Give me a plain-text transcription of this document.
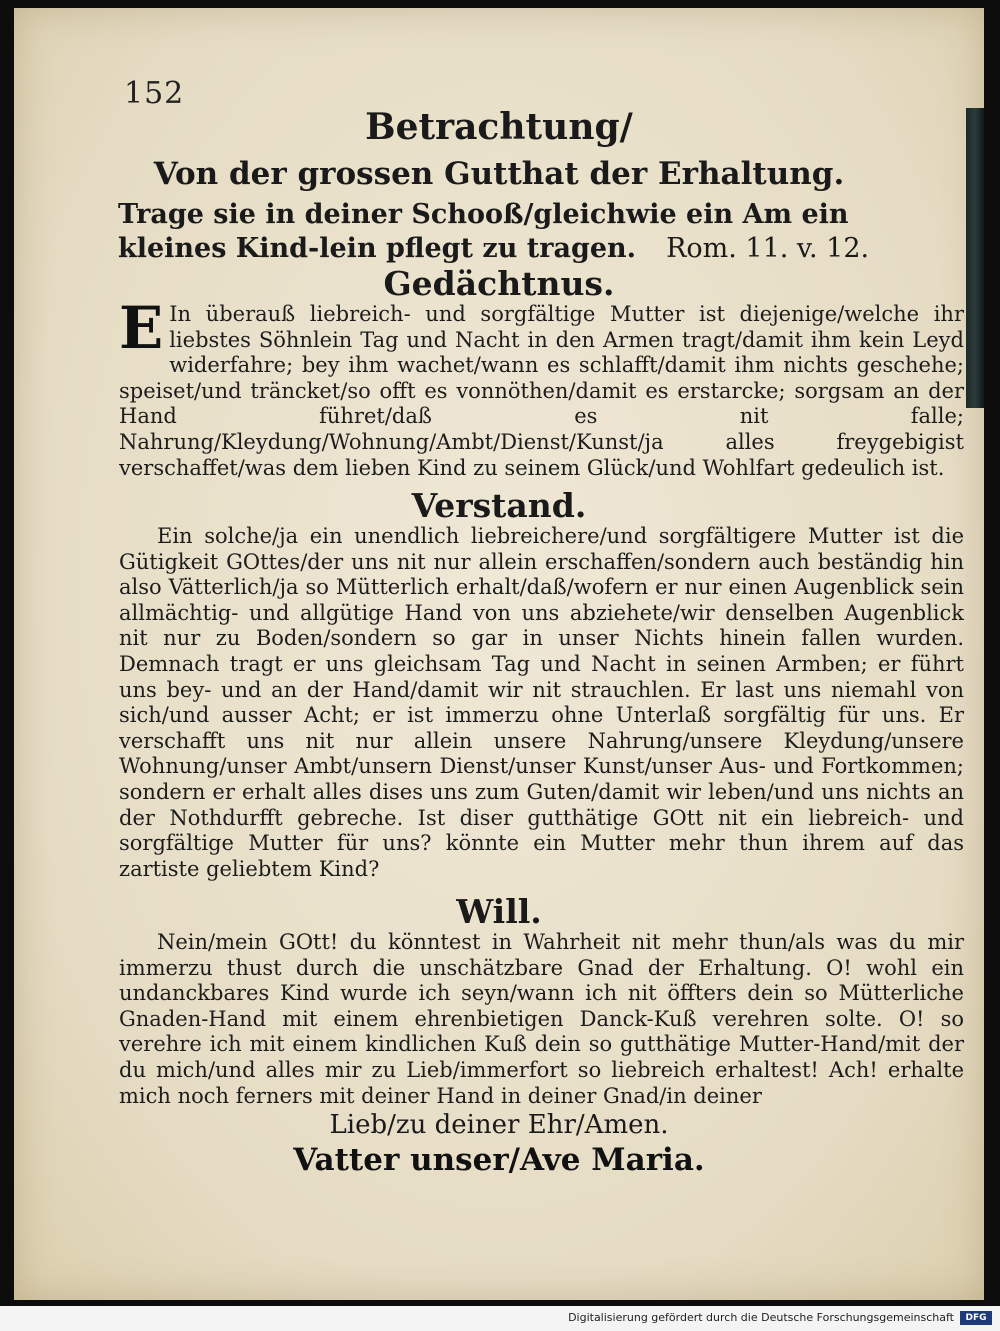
152
Betrachtung/
Von der grossen Gutthat der Erhaltung.
Trage sie in deiner Schooß/gleichwie ein Am ein kleines Kind-lein pflegt zu tragen. Rom. 11. v. 12.
Gedächtnus.
E In überauß liebreich- und sorgfältige Mutter ist diejenige/welche ihr liebstes Söhnlein Tag und Nacht in den Armen tragt/damit ihm kein Leyd widerfahre; bey ihm wachet/wann es schlafft/damit ihm nichts geschehe; speiset/und träncket/so offt es vonnöthen/damit es erstarcke; sorgsam an der Hand führet/daß es nit falle; Nahrung/Kleydung/Wohnung/Ambt/Dienst/Kunst/ja alles freygebigist verschaffet/was dem lieben Kind zu seinem Glück/und Wohlfart gedeulich ist.
Verstand.
Ein solche/ja ein unendlich liebreichere/und sorgfältigere Mutter ist die Gütigkeit GOttes/der uns nit nur allein erschaffen/sondern auch beständig hin also Vätterlich/ja so Mütterlich erhalt/daß/wofern er nur einen Augenblick sein allmächtig- und allgütige Hand von uns abziehete/wir denselben Augenblick nit nur zu Boden/sondern so gar in unser Nichts hinein fallen wurden. Demnach tragt er uns gleichsam Tag und Nacht in seinen Armben; er führt uns bey- und an der Hand/damit wir nit strauchlen. Er last uns niemahl von sich/und ausser Acht; er ist immerzu ohne Unterlaß sorgfältig für uns. Er verschafft uns nit nur allein unsere Nahrung/unsere Kleydung/unsere Wohnung/unser Ambt/unsern Dienst/unser Kunst/unser Aus- und Fortkommen; sondern er erhalt alles dises uns zum Guten/damit wir leben/und uns nichts an der Nothdurfft gebreche. Ist diser gutthätige GOtt nit ein liebreich- und sorgfältige Mutter für uns? könnte ein Mutter mehr thun ihrem auf das zartiste geliebtem Kind?
Will.
Nein/mein GOtt! du könntest in Wahrheit nit mehr thun/als was du mir immerzu thust durch die unschätzbare Gnad der Erhaltung. O! wohl ein undanckbares Kind wurde ich seyn/wann ich nit öffters dein so Mütterliche Gnaden-Hand mit einem ehrenbietigen Danck-Kuß verehren solte. O! so verehre ich mit einem kindlichen Kuß dein so gutthätige Mutter-Hand/mit der du mich/und alles mir zu Lieb/immerfort so liebreich erhaltest! Ach! erhalte mich noch ferners mit deiner Hand in deiner Gnad/in deiner
Lieb/zu deiner Ehr/Amen.
Vatter unser/Ave Maria.
Digitalisierung gefördert durch die Deutsche Forschungsgemeinschaft	DFG
